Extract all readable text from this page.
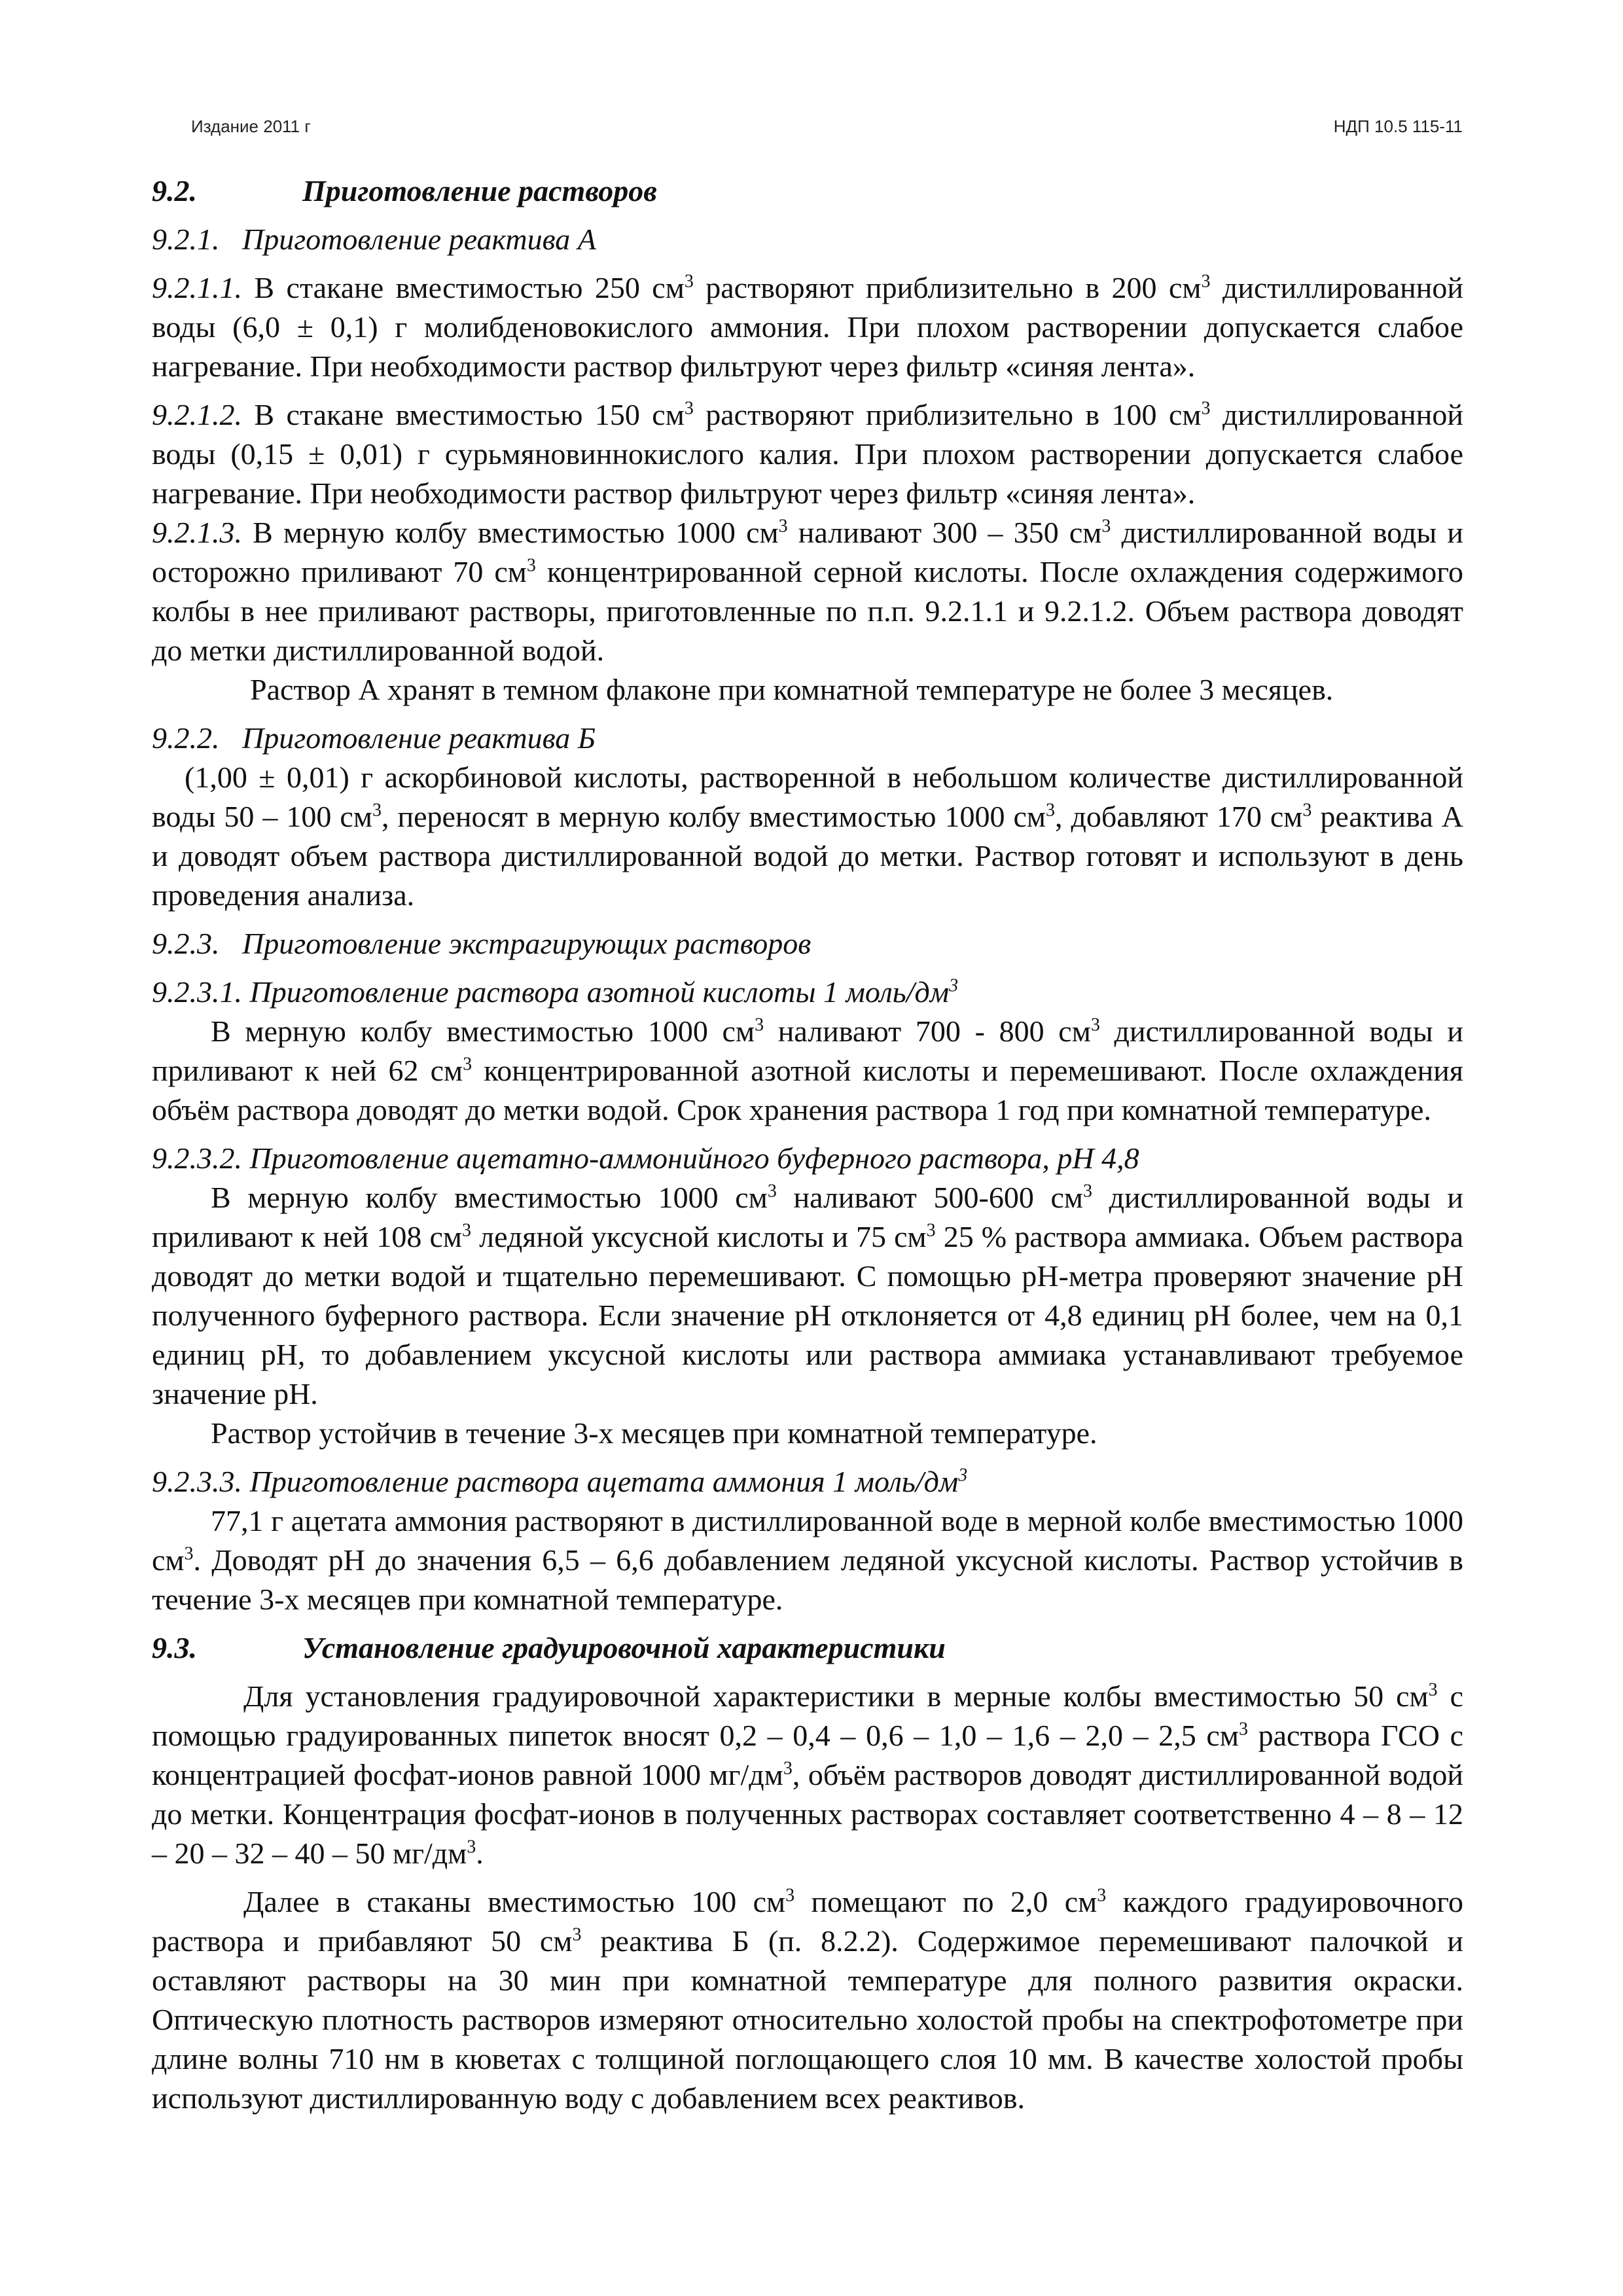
Издание 2011 г	НДП 10.5 115-11
9.2.	Приготовление растворов
9.2.1.
Приготовление реактива А

9.2.1.1. В стакане вместимостью 250 $см^3$ растворяют приблизительно в 200 $см^3$ дистиллированной воды (6,0 ± 0,1) г молибденовокислого аммония. При плохом растворении допускается слабое нагревание. При необходимости раствор фильтруют через фильтр «синяя лента».

9.2.1.2. В стакане вместимостью 150 $см^3$ растворяют приблизительно в 100 $см^3$ дистиллированной воды (0,15 ± 0,01) г сурьмяновиннокислого калия. При плохом растворении допускается слабое нагревание. При необходимости раствор фильтруют через фильтр «синяя лента».

9.2.1.3. В мерную колбу вместимостью 1000 $см^3$ наливают 300 – 350 $см^3$ дистиллированной воды и осторожно приливают 70 $см^3$ концентрированной серной кислоты. После охлаждения содержимого колбы в нее приливают растворы, приготовленные по п.п. 9.2.1.1 и 9.2.1.2. Объем раствора доводят до метки дистиллированной водой.

Раствор А хранят в темном флаконе при комнатной температуре не более 3 месяцев.

9.2.2.
Приготовление реактива Б

(1,00 ± 0,01) г аскорбиновой кислоты, растворенной в небольшом количестве дистиллированной воды 50 – 100 $см^3$, переносят в мерную колбу вместимостью 1000 $см^3$, добавляют 170 $см^3$ реактива А и доводят объем раствора дистиллированной водой до метки. Раствор готовят и используют в день проведения анализа.

9.2.3.
Приготовление экстрагирующих растворов
9.2.3.1.
Приготовление раствора азотной кислоты 1 моль/$дм^3$

В мерную колбу вместимостью 1000 $см^3$ наливают 700 - 800 $см^3$ дистиллированной воды и приливают к ней 62 $см^3$ концентрированной азотной кислоты и перемешивают. После охлаждения объём раствора доводят до метки водой. Срок хранения раствора 1 год при комнатной температуре.

9.2.3.2.
Приготовление ацетатно-аммонийного буферного раствора, рН 4,8

В мерную колбу вместимостью 1000 $см^3$ наливают 500-600 $см^3$ дистиллированной воды и приливают к ней 108 $см^3$ ледяной уксусной кислоты и 75 $см^3$ 25 % раствора аммиака. Объем раствора доводят до метки водой и тщательно перемешивают. С помощью рН-метра проверяют значение рН полученного буферного раствора. Если значение рН отклоняется от 4,8 единиц рН более, чем на 0,1 единиц рН, то добавлением уксусной кислоты или раствора аммиака устанавливают требуемое значение рН.

Раствор устойчив в течение 3-х месяцев при комнатной температуре.

9.2.3.3.
Приготовление раствора ацетата аммония 1 моль/$дм^3$

77,1 г ацетата аммония растворяют в дистиллированной воде в мерной колбе вместимостью 1000 $см^3$. Доводят рН до значения 6,5 – 6,6 добавлением ледяной уксусной кислоты. Раствор устойчив в течение 3-х месяцев при комнатной температуре.

9.3.	Установление градуировочной характеристики

Для установления градуировочной характеристики в мерные колбы вместимостью 50 $см^3$ с помощью градуированных пипеток вносят 0,2 – 0,4 – 0,6 – 1,0 – 1,6 – 2,0 – 2,5 $см^3$ раствора ГСО с концентрацией фосфат-ионов равной 1000 $мг/дм^3$, объём растворов доводят дистиллированной водой до метки. Концентрация фосфат-ионов в полученных растворах составляет соответственно 4 – 8 – 12 – 20 – 32 – 40 – 50 $мг/дм^3$.

Далее в стаканы вместимостью 100 $см^3$ помещают по 2,0 $см^3$ каждого градуировочного раствора и прибавляют 50 $см^3$ реактива Б (п. 8.2.2). Содержимое перемешивают палочкой и оставляют растворы на 30 мин при комнатной температуре для полного развития окраски. Оптическую плотность растворов измеряют относительно холостой пробы на спектрофотометре при длине волны 710 нм в кюветах с толщиной поглощающего слоя 10 мм. В качестве холостой пробы используют дистиллированную воду с добавлением всех реактивов.
